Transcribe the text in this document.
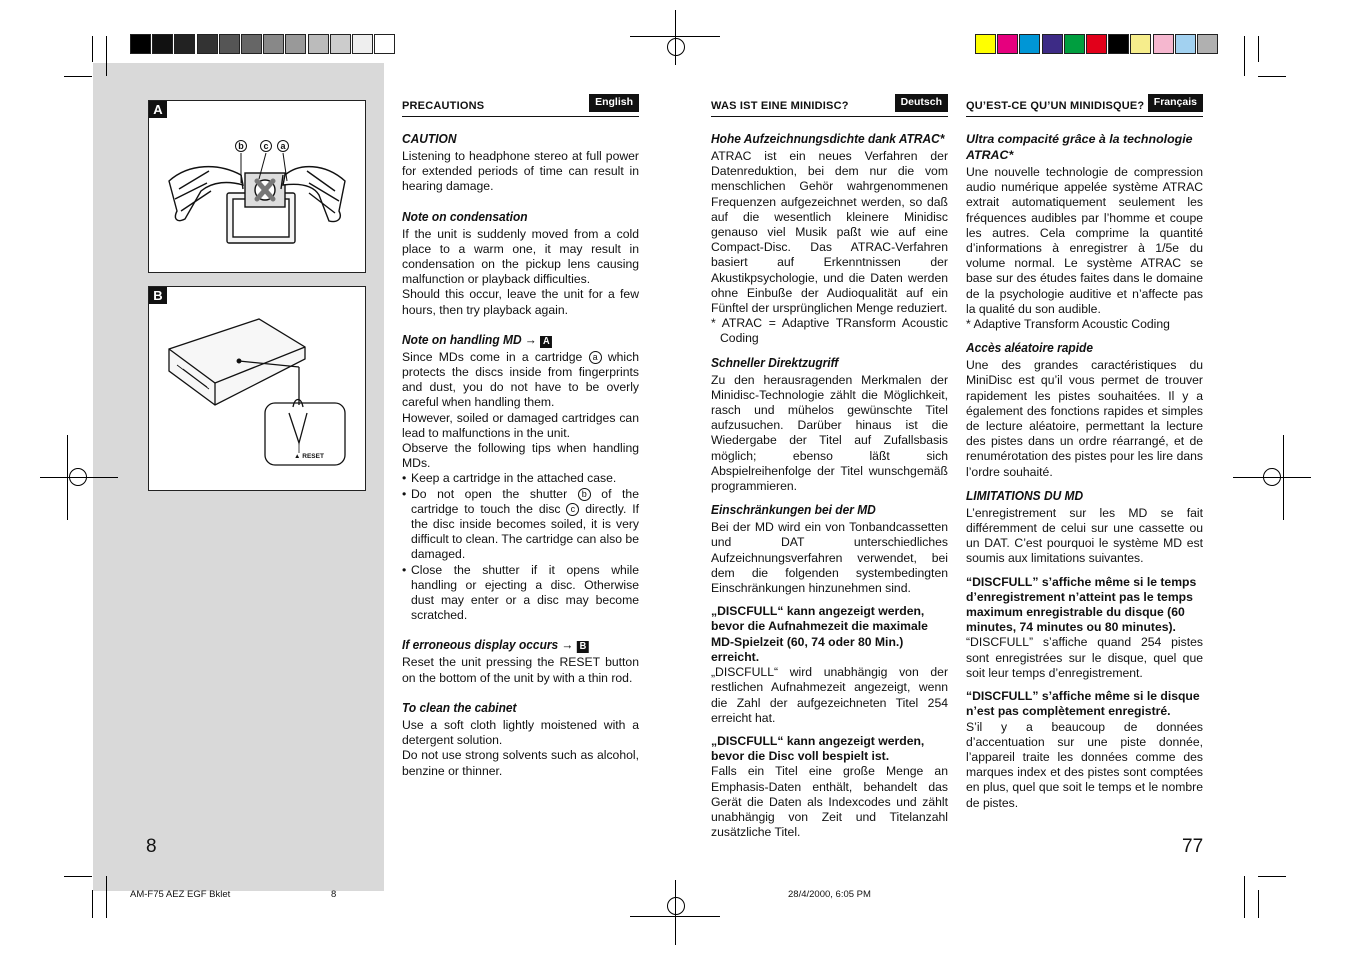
A
b c a
B
▲ RESET
PRECAUTIONS	English
CAUTION

Listening to headphone stereo at full power for extended periods of time can result in hearing damage.

Note on condensation

If the unit is suddenly moved from a cold place to a warm one, it may result in condensation on the pickup lens causing malfunction or playback difficulties.

Should this occur, leave the unit for a few hours, then try playback again.

Note on handling MD → A

Since MDs come in a cartridge a which protects the discs inside from fingerprints and dust, you do not have to be overly careful when handling them.

However, soiled or damaged cartridges can lead to malfunctions in the unit.

Observe the following tips when handling MDs.

• Keep a cartridge in the attached case.
• Do not open the shutter b of the cartridge to touch the disc c directly. If the disc inside becomes soiled, it is very difficult to clean. The cartridge can also be damaged.
• Close the shutter if it opens while handling or ejecting a disc. Otherwise dust may enter or a disc may become scratched.
If erroneous display occurs → B

Reset the unit pressing the RESET button on the bottom of the unit by with a thin rod.

To clean the cabinet

Use a soft cloth lightly moistened with a detergent solution.

Do not use strong solvents such as alcohol, benzine or thinner.

WAS IST EINE MINIDISC?	Deutsch
Hohe Aufzeichnungsdichte dank ATRAC*

ATRAC ist ein neues Verfahren der Datenreduktion, bei dem nur die vom menschlichen Gehör wahrgenommenen Frequenzen aufgezeichnet werden, so daß auf die wesentlich kleinere Minidisc genauso viel Musik paßt wie auf eine Compact-Disc. Das ATRAC-Verfahren basiert auf Erkenntnissen der Akustikpsychologie, und die Daten werden ohne Einbuße der Audioqualität auf ein Fünftel der ursprünglichen Menge reduziert.

* ATRAC = Adaptive TRansform Acoustic Coding

Schneller Direktzugriff

Zu den herausragenden Merkmalen der Minidisc-Technologie zählt die Möglichkeit, rasch und mühelos gewünschte Titel aufzusuchen. Darüber hinaus ist die Wiedergabe der Titel auf Zufallsbasis möglich; ebenso läßt sich Abspielreihenfolge der Titel wunschgemäß programmieren.

Einschränkungen bei der MD

Bei der MD wird ein von Tonbandcassetten und DAT unterschiedliches Aufzeichnungsverfahren verwendet, bei dem die folgenden systembedingten Einschränkungen hinzunehmen sind.

„DISCFULL“ kann angezeigt werden, bevor die Aufnahmezeit die maximale MD-Spielzeit (60, 74 oder 80 Min.) erreicht.

„DISCFULL“ wird unabhängig von der restlichen Aufnahmezeit angezeigt, wenn die Zahl der aufgezeichneten Titel 254 erreicht hat.

„DISCFULL“ kann angezeigt werden, bevor die Disc voll bespielt ist.

Falls ein Titel eine große Menge an Emphasis-Daten enthält, behandelt das Gerät die Daten als Indexcodes und zählt unabhängig von Zeit und Titelanzahl zusätzliche Titel.

QU’EST-CE QU’UN MINIDISQUE? Français
Ultra compacité grâce à la technologie ATRAC*

Une nouvelle technologie de compression audio numérique appelée système ATRAC extrait automatiquement seulement les fréquences audibles par l’homme et coupe les autres. Cela comprime la quantité d’informations à enregistrer à 1/5e du volume normal. Le système ATRAC se base sur des études faites dans le domaine de la psychologie auditive et n’affecte pas la qualité du son audible.

* Adaptive Transform Acoustic Coding

Accès aléatoire rapide

Une des grandes caractéristiques du MiniDisc est qu’il vous permet de trouver rapidement les pistes souhaitées. Il y a également des fonctions rapides et simples de lecture aléatoire, permettant la lecture des pistes dans un ordre réarrangé, et de renumérotation des pistes pour les lire dans l’ordre souhaité.

LIMITATIONS DU MD

L’enregistrement sur les MD se fait différemment de celui sur une cassette ou un DAT. C’est pourquoi le système MD est soumis aux limitations suivantes.

“DISCFULL” s’affiche même si le temps d’enregistrement n’atteint pas le temps maximum enregistrable du disque (60 minutes, 74 minutes ou 80 minutes).

“DISCFULL” s’affiche quand 254 pistes sont enregistrées sur le disque, quel que soit leur temps d’enregistrement.

“DISCFULL” s’affiche même si le disque n’est pas complètement enregistré.

S’il y a beaucoup de données d’accentuation sur une piste donnée, l’appareil traite les données comme des marques index et des pistes sont comptées en plus, quel que soit le temps et le nombre de pistes.

8	77
AM-F75 AEZ EGF Bklet	8	28/4/2000, 6:05 PM
